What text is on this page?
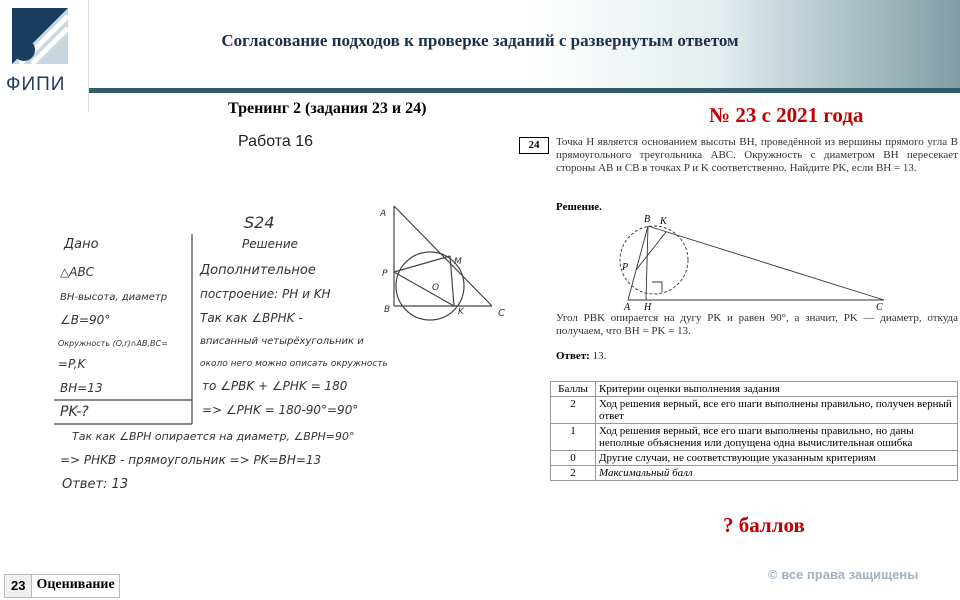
ФИПИ
Согласование подходов к проверке заданий с развернутым ответом
Тренинг 2 (задания 23 и 24)
Работа 16
S24
Дано
△ABC
BH-высота, диаметр
∠B=90°
Окружность (O,r)∩AB,BC=
=P,K
BH=13
PK-?
Решение
Дополнительное
построение: PH и KH
Так как ∠BPHK -
вписанный четырёхугольник и
около него можно описать окружность
то ∠PBK + ∠PHK = 180
=> ∠PHK = 180-90°=90°
Так как ∠BPH опирается на диаметр, ∠BPH=90°
=> PHKB - прямоугольник => PK=BH=13
Ответ: 13
A
P
B
M
K	C
O
№ 23 с 2021 года
24	Точка H является основанием высоты BH, проведённой из вершины прямого угла B прямоугольного треугольника ABC. Окружность с диаметром BH пересекает стороны AB и CB в точках P и K соответственно. Найдите PK, если BH = 13.
Решение.
B K
P
A H	C
Угол PBK опирается на дугу PK и равен 90°, а значит, PK — диаметр, откуда получаем, что BH = PK = 13.
Ответ: 13.
Баллы	Критерии оценки выполнения задания
2	Ход решения верный, все его шаги выполнены правильно, получен верный ответ
1	Ход решения верный, все его шаги выполнены правильно, но даны неполные объяснения или допущена одна вычислительная ошибка
0	Другие случаи, не соответствующие указанным критериям
2	Максимальный балл
? баллов
© все права защищены
23 Оценивание
